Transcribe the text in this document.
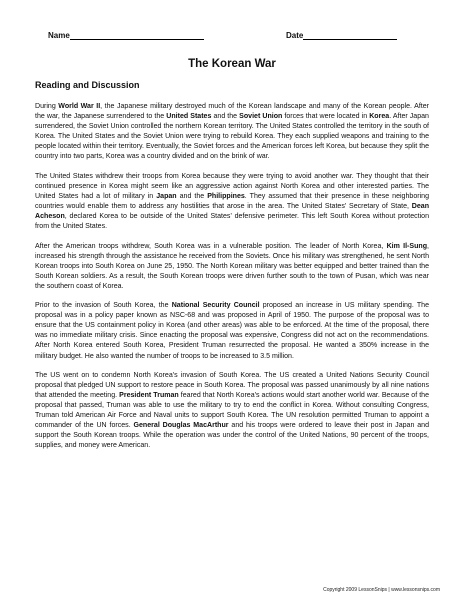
Name	Date
The Korean War
Reading and Discussion

During World War II, the Japanese military destroyed much of the Korean landscape and many of the Korean people. After the war, the Japanese surrendered to the United States and the Soviet Union forces that were located in Korea. After Japan surrendered, the Soviet Union controlled the northern Korean territory. The United States controlled the territory in the south of Korea. The United States and the Soviet Union were trying to rebuild Korea. They each supplied weapons and training to the people located within their territory. Eventually, the Soviet forces and the American forces left Korea, but because they split the country into two parts, Korea was a country divided and on the brink of war.

The United States withdrew their troops from Korea because they were trying to avoid another war. They thought that their continued presence in Korea might seem like an aggressive action against North Korea and other interested parties. The United States had a lot of military in Japan and the Philippines. They assumed that their presence in these neighboring countries would enable them to address any hostilities that arose in the area. The United States' Secretary of State, Dean Acheson, declared Korea to be outside of the United States' defensive perimeter. This left South Korea without protection from the United States.

After the American troops withdrew, South Korea was in a vulnerable position. The leader of North Korea, Kim Il-Sung, increased his strength through the assistance he received from the Soviets. Once his military was strengthened, he sent North Korean troops into South Korea on June 25, 1950. The North Korean military was better equipped and better trained than the South Korean soldiers. As a result, the South Korean troops were driven further south to the town of Pusan, which was near the southern coast of Korea.

Prior to the invasion of South Korea, the National Security Council proposed an increase in US military spending. The proposal was in a policy paper known as NSC-68 and was proposed in April of 1950. The purpose of the proposal was to ensure that the US containment policy in Korea (and other areas) was able to be enforced. At the time of the proposal, there was no immediate military crisis. Since enacting the proposal was expensive, Congress did not act on the recommendations. After North Korea entered South Korea, President Truman resurrected the proposal. He wanted a 350% increase in the military budget. He also wanted the number of troops to be increased to 3.5 million.

The US went on to condemn North Korea's invasion of South Korea. The US created a United Nations Security Council proposal that pledged UN support to restore peace in South Korea. The proposal was passed unanimously by all nine nations that attended the meeting. President Truman feared that North Korea's actions would start another world war. Because of the proposal that passed, Truman was able to use the military to try to end the conflict in Korea. Without consulting Congress, Truman told American Air Force and Naval units to support South Korea. The UN resolution permitted Truman to appoint a commander of the UN forces. General Douglas MacArthur and his troops were ordered to leave their post in Japan and support the South Korean troops. While the operation was under the control of the United Nations, 90 percent of the troops, supplies, and money were American.

Copyright 2009 LessonSnips | www.lessonsnips.com
